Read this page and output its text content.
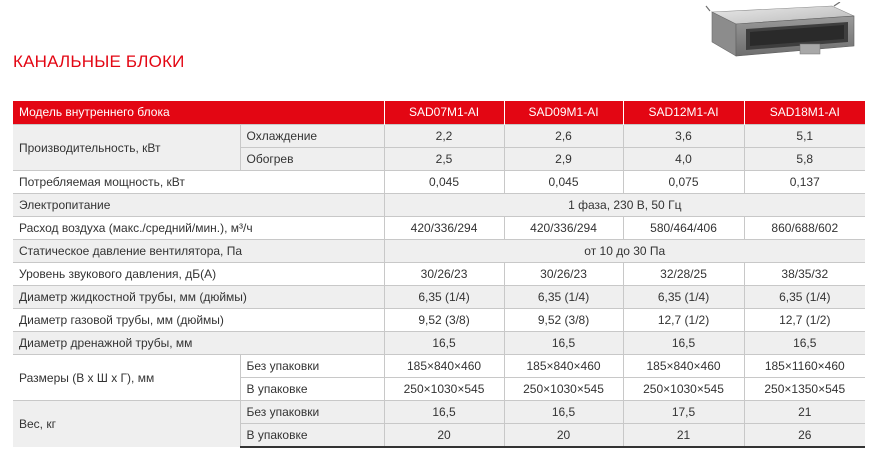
КАНАЛЬНЫЕ БЛОКИ
Модель внутреннего блока		SAD07M1-AI	SAD09M1-AI	SAD12M1-AI	SAD18M1-AI
Производительность, кВт	Охлаждение	2,2	2,6	3,6	5,1
	Обогрев	2,5	2,9	4,0	5,8
Потребляемая мощность, кВт		0,045	0,045	0,075	0,137
Электропитание		1 фаза, 230 В, 50 Гц			
Расход воздуха (макс./средний/мин.), м³/ч		420/336/294	420/336/294	580/464/406	860/688/602
Статическое давление вентилятора, Па		от 10 до 30 Па			
Уровень звукового давления, дБ(А)		30/26/23	30/26/23	32/28/25	38/35/32
Диаметр жидкостной трубы, мм (дюймы)		6,35 (1/4)	6,35 (1/4)	6,35 (1/4)	6,35 (1/4)
Диаметр газовой трубы, мм (дюймы)		9,52 (3/8)	9,52 (3/8)	12,7 (1/2)	12,7 (1/2)
Диаметр дренажной трубы, мм		16,5	16,5	16,5	16,5
Размеры (В х Ш х Г), мм	Без упаковки	185×840×460	185×840×460	185×840×460	185×1160×460
	В упаковке	250×1030×545	250×1030×545	250×1030×545	250×1350×545
Вес, кг	Без упаковки	16,5	16,5	17,5	21
	В упаковке	20	20	21	26
